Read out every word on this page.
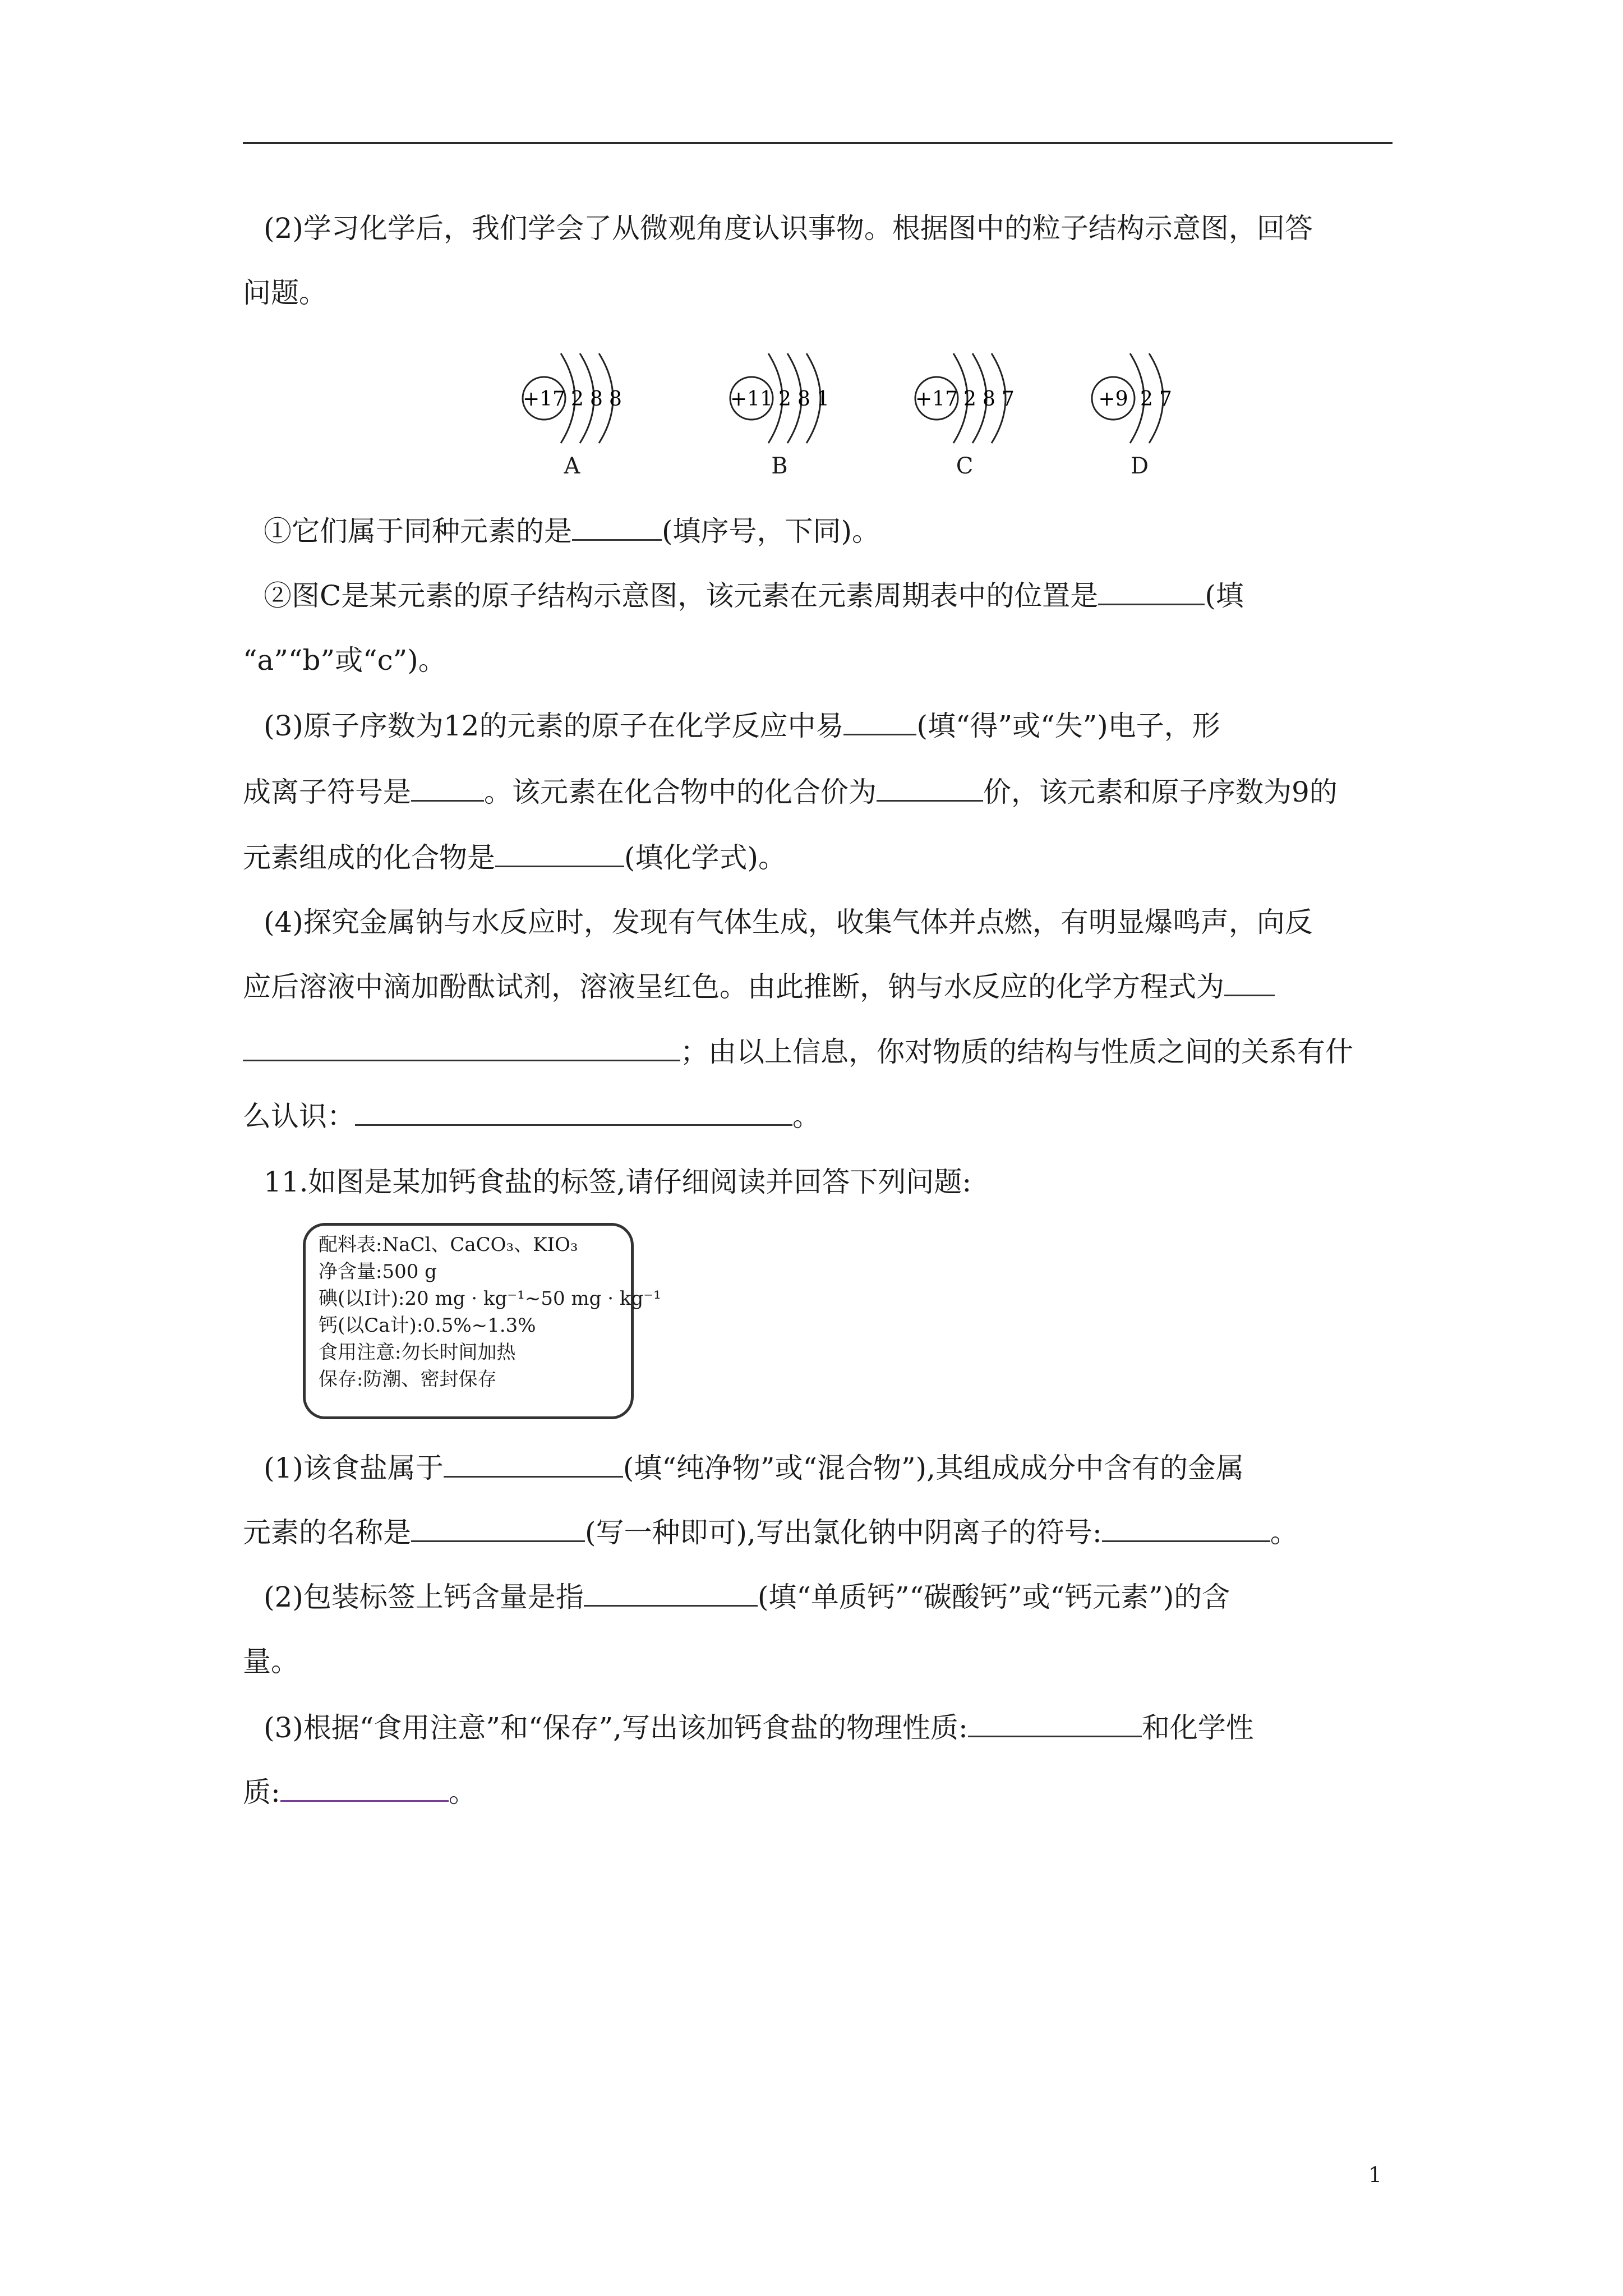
(2)学习化学后，我们学会了从微观角度认识事物。根据图中的粒子结构示意图，回答
问题。
+17 2 8 8	+11 2 8 1	+17 2 8 7	+9 2 7
A	B	C	D
①它们属于同种元素的是	(填序号，下同)。
②图C是某元素的原子结构示意图，该元素在元素周期表中的位置是	(填
“a”“b”或“c”)。
(3)原子序数为12的元素的原子在化学反应中易	(填“得”或“失”)电子，形
成离子符号是	。该元素在化合物中的化合价为	价，该元素和原子序数为9的
元素组成的化合物是	(填化学式)。
(4)探究金属钠与水反应时，发现有气体生成，收集气体并点燃，有明显爆鸣声，向反
应后溶液中滴加酚酞试剂，溶液呈红色。由此推断，钠与水反应的化学方程式为
；由以上信息，你对物质的结构与性质之间的关系有什
么认识：	。
11.如图是某加钙食盐的标签,请仔细阅读并回答下列问题:
配料表:NaCl、CaCO₃、KIO₃
净含量:500 g
碘(以I计):20 mg · kg⁻¹~50 mg · kg⁻¹
钙(以Ca计):0.5%~1.3%
食用注意:勿长时间加热
保存:防潮、密封保存
(1)该食盐属于	(填“纯净物”或“混合物”),其组成成分中含有的金属
元素的名称是	(写一种即可),写出氯化钠中阴离子的符号:	。
(2)包装标签上钙含量是指	(填“单质钙”“碳酸钙”或“钙元素”)的含
量。
(3)根据“食用注意”和“保存”,写出该加钙食盐的物理性质:	和化学性
质:	。
1
